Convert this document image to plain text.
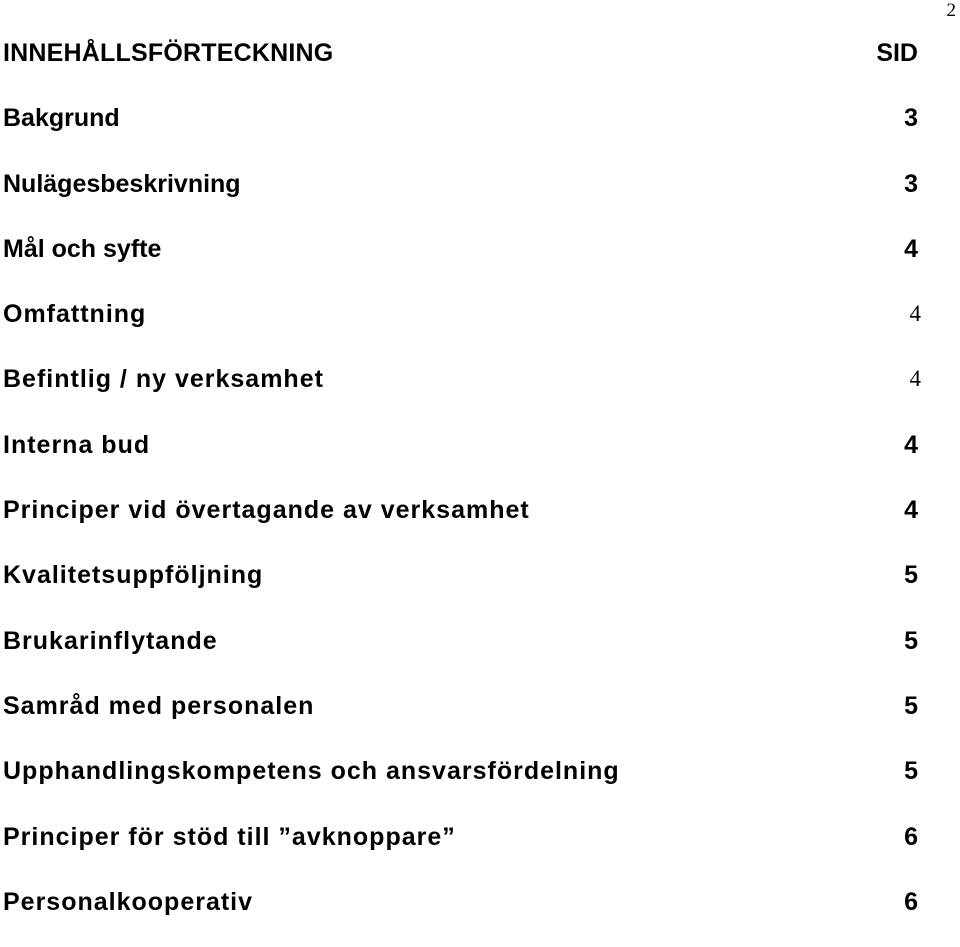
2
INNEHÅLLSFÖRTECKNING	SID
Bakgrund	3
Nulägesbeskrivning	3
Mål och syfte	4
Omfattning	4
Befintlig / ny verksamhet	4
Interna bud	4
Principer vid övertagande av verksamhet	4
Kvalitetsuppföljning	5
Brukarinflytande	5
Samråd med personalen	5
Upphandlingskompetens och ansvarsfördelning	5
Principer för stöd till ”avknoppare”	6
Personalkooperativ	6
